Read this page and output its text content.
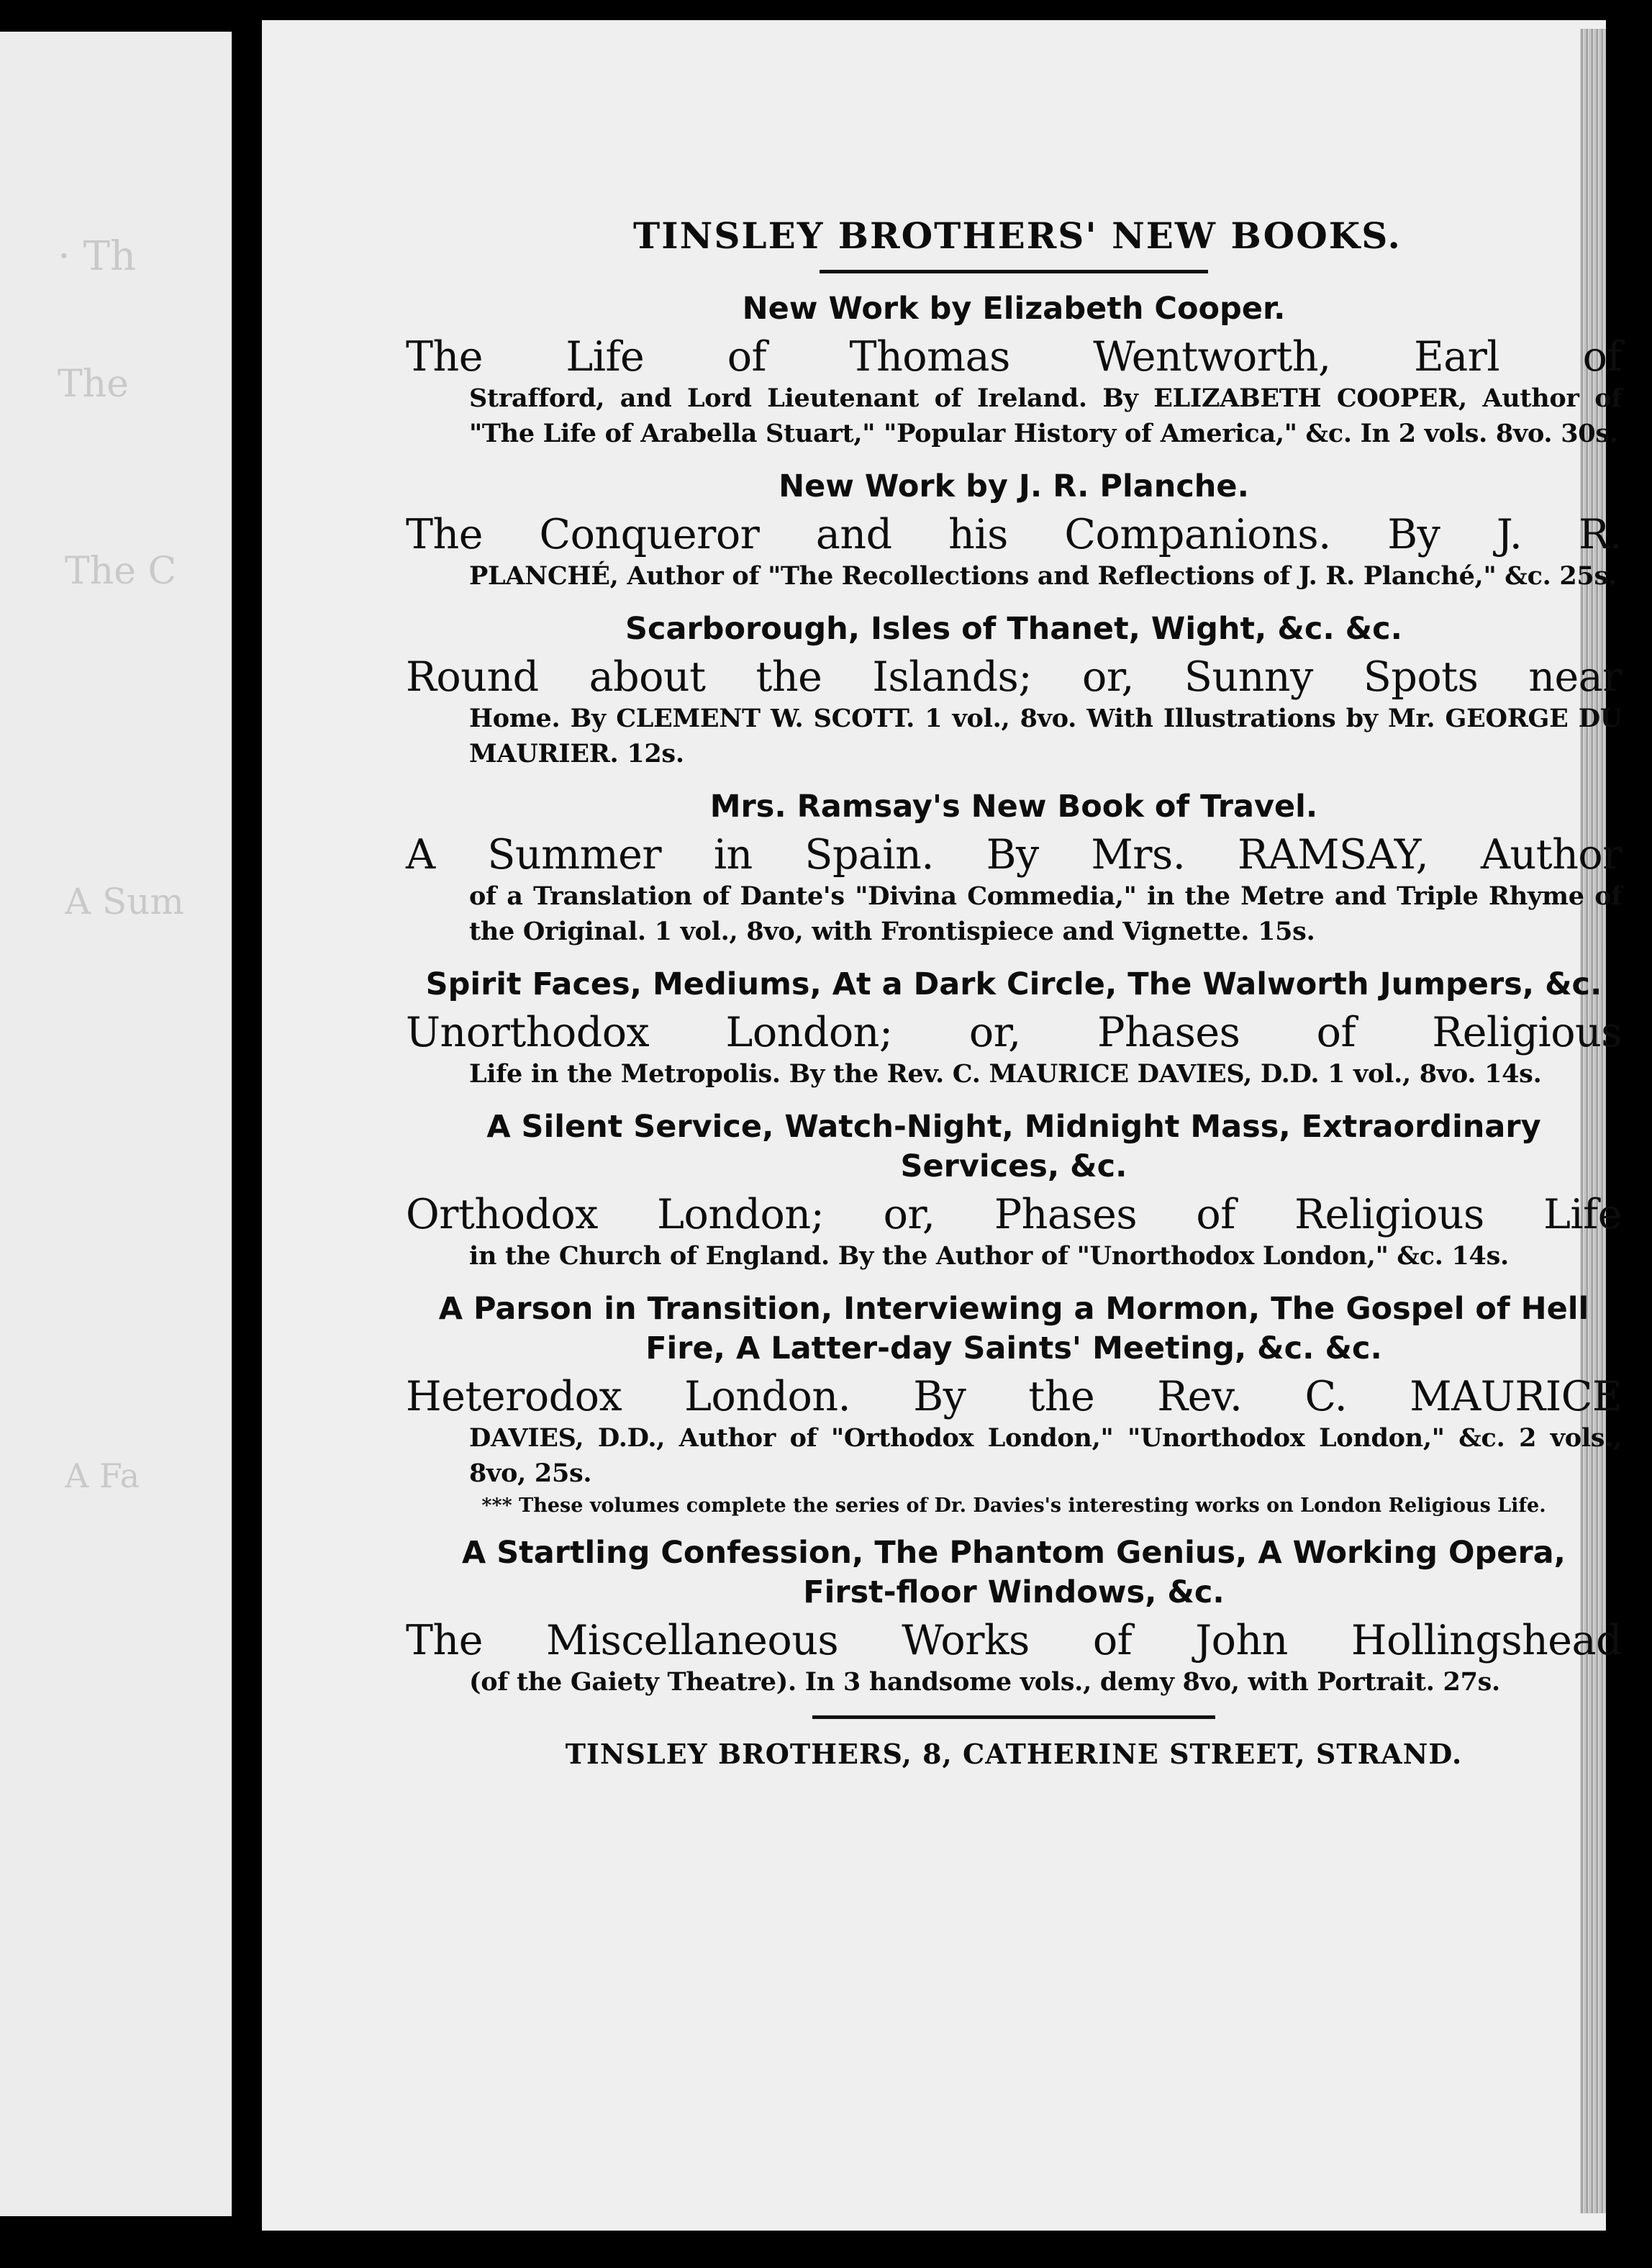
· Th
The
The C
A Sum
A Fa
TINSLEY BROTHERS' NEW BOOKS.
New Work by Elizabeth Cooper.
The Life of Thomas Wentworth, Earl of
Strafford, and Lord Lieutenant of Ireland. By ELIZABETH COOPER, Author of "The Life of Arabella Stuart," "Popular History of America," &c. In 2 vols. 8vo. 30s.
New Work by J. R. Planche.
The Conqueror and his Companions. By J. R.
PLANCHÉ, Author of "The Recollections and Reflections of J. R. Planché," &c. 25s.
Scarborough, Isles of Thanet, Wight, &c. &c.
Round about the Islands; or, Sunny Spots near
Home. By CLEMENT W. SCOTT. 1 vol., 8vo. With Illustrations by Mr. GEORGE DU MAURIER. 12s.
Mrs. Ramsay's New Book of Travel.
A Summer in Spain. By Mrs. RAMSAY, Author
of a Translation of Dante's "Divina Commedia," in the Metre and Triple Rhyme of the Original. 1 vol., 8vo, with Frontispiece and Vignette. 15s.
Spirit Faces, Mediums, At a Dark Circle, The Walworth Jumpers, &c.
Unorthodox London; or, Phases of Religious
Life in the Metropolis. By the Rev. C. MAURICE DAVIES, D.D. 1 vol., 8vo. 14s.
A Silent Service, Watch-Night, Midnight Mass, Extraordinary Services, &c.
Orthodox London; or, Phases of Religious Life
in the Church of England. By the Author of "Unorthodox London," &c. 14s.
A Parson in Transition, Interviewing a Mormon, The Gospel of Hell Fire, A Latter-day Saints' Meeting, &c. &c.
Heterodox London. By the Rev. C. MAURICE
DAVIES, D.D., Author of "Orthodox London," "Unorthodox London," &c. 2 vols., 8vo, 25s.
*** These volumes complete the series of Dr. Davies's interesting works on London Religious Life.
A Startling Confession, The Phantom Genius, A Working Opera, First-floor Windows, &c.
The Miscellaneous Works of John Hollingshead
(of the Gaiety Theatre). In 3 handsome vols., demy 8vo, with Portrait. 27s.
TINSLEY BROTHERS, 8, CATHERINE STREET, STRAND.
